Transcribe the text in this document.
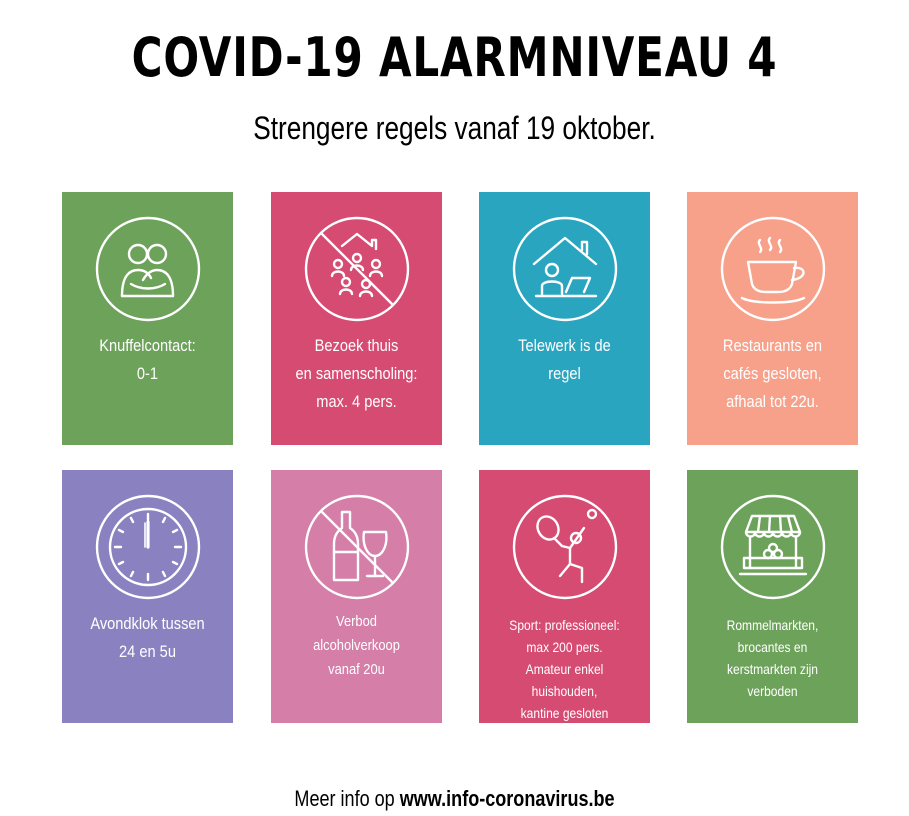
COVID-19 ALARMNIVEAU 4
Strengere regels vanaf 19 oktober.
Knuffelcontact:
0-1
Bezoek thuis
en samenscholing:
max. 4 pers.
Telewerk is de
regel
Restaurants en
cafés gesloten,
afhaal tot 22u.
Avondklok tussen
24 en 5u
Verbod
alcoholverkoop
vanaf 20u
Sport: professioneel:
max 200 pers.
Amateur enkel
huishouden,
kantine gesloten
Rommelmarkten,
brocantes en
kerstmarkten zijn
verboden
Meer info op www.info-coronavirus.be
